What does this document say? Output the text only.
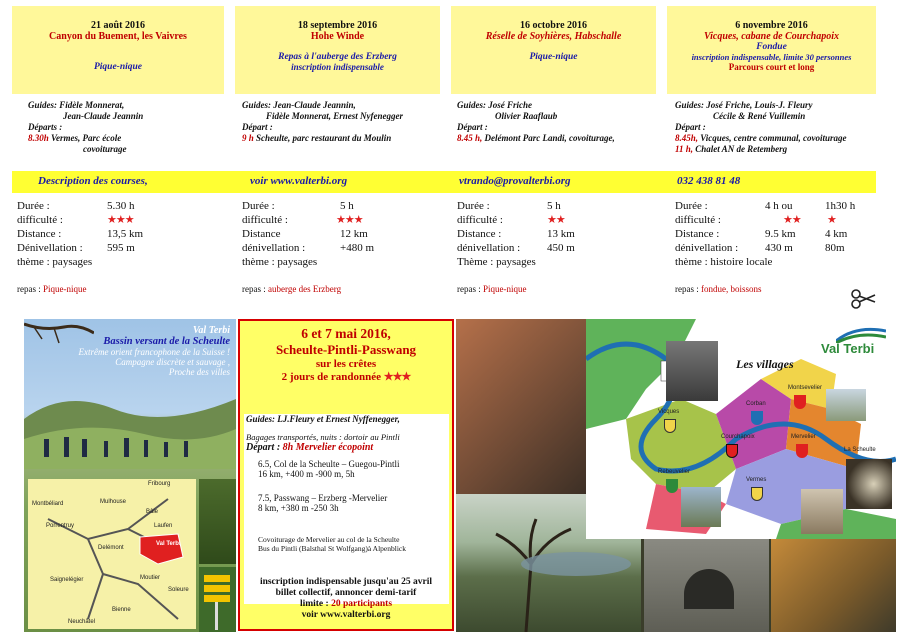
21 août 2016
Canyon du Buement, les Vaivres
Pique-nique
18 septembre 2016
Hohe Winde
Repas à l'auberge des Erzberg
inscription indispensable
16 octobre 2016
Réselle de Soyhières, Habschalle
Pique-nique
6 novembre 2016
Vicques, cabane de Courchapoix
Fondue
inscription indispensable, limite 30 personnes
Parcours court et long
Guides: Fidèle Monnerat,
Jean-Claude Jeannin
Départs :
8.30h Vermes, Parc école
covoiturage
Guides: Jean-Claude Jeannin,
Fidèle Monnerat, Ernest Nyfenegger
Départ :
9 h Scheulte, parc restaurant du Moulin
Guides: José Friche
Olivier Raaflaub
Départ :
8.45 h, Delémont Parc Landi, covoiturage,
Guides: José Friche, Louis-J. Fleury
Cécile & René Vuillemin
Départ :
8.45h, Vicques, centre communal, covoiturage
11 h, Chalet AN de Retemberg
Description des courses,	voir www.valterbi.org	vtrando@provalterbi.org	032 438 81 48
Durée :	5.30 h
difficulté :	★★★
Distance :	13,5 km
Dénivellation :	595 m
thème : paysages
Durée :	5 h
difficulté :	★★★
Distance	12 km
dénivellation :	+480 m
thème : paysages
Durée :	5 h
difficulté :	★★
Distance :	13 km
dénivellation :	450 m
Thème : paysages
Durée :	4 h ou	1h30 h
difficulté :	★★	★
Distance :	9.5 km	4 km
dénivellation :	430 m	80m
thème : histoire locale
repas : Pique-nique	repas : auberge des Erzberg	repas : Pique-nique	repas : fondue, boissons
Val Terbi
Bassin versant de la Scheulte
Extrême orient francophone de la Suisse !
Campagne discrète et sauvage ,
Proche des villes
Montbéliard
Porrentruy
Mulhouse
Bâle
Fribourg
Laufen
Delémont
Val Terbi
Moutier
Soleure
Bienne
Neuchâtel
Saignelégier
6 et 7 mai 2016,
Scheulte-Pintli-Passwang
sur les crêtes
2 jours de randonnée ★★★
Guides: LJ.Fleury et Ernest Nyffenegger,
Bagages transportés, nuits : dortoir au Pintli
Départ : 8h Mervelier écopoint
6.5, Col de la Scheulte – Guegou-Pintli
16 km, +400 m -900 m, 5h
7.5, Passwang – Erzberg -Mervelier
8 km, +380 m -250 3h
Covoiturage de Mervelier au col de la Scheulte
Bus du Pintli (Balsthal St Wolfgang)à Alpenblick
inscription indispensable jusqu'au 25 avril
billet collectif, annoncer demi-tarif
limite : 20 participants
voir www.valterbi.org
Les villages
Val Terbi
Vicques
Corban
Montsevelier
Courchapoix	Mervelier
La Scheulte
Rebeuvelier
Vermes
